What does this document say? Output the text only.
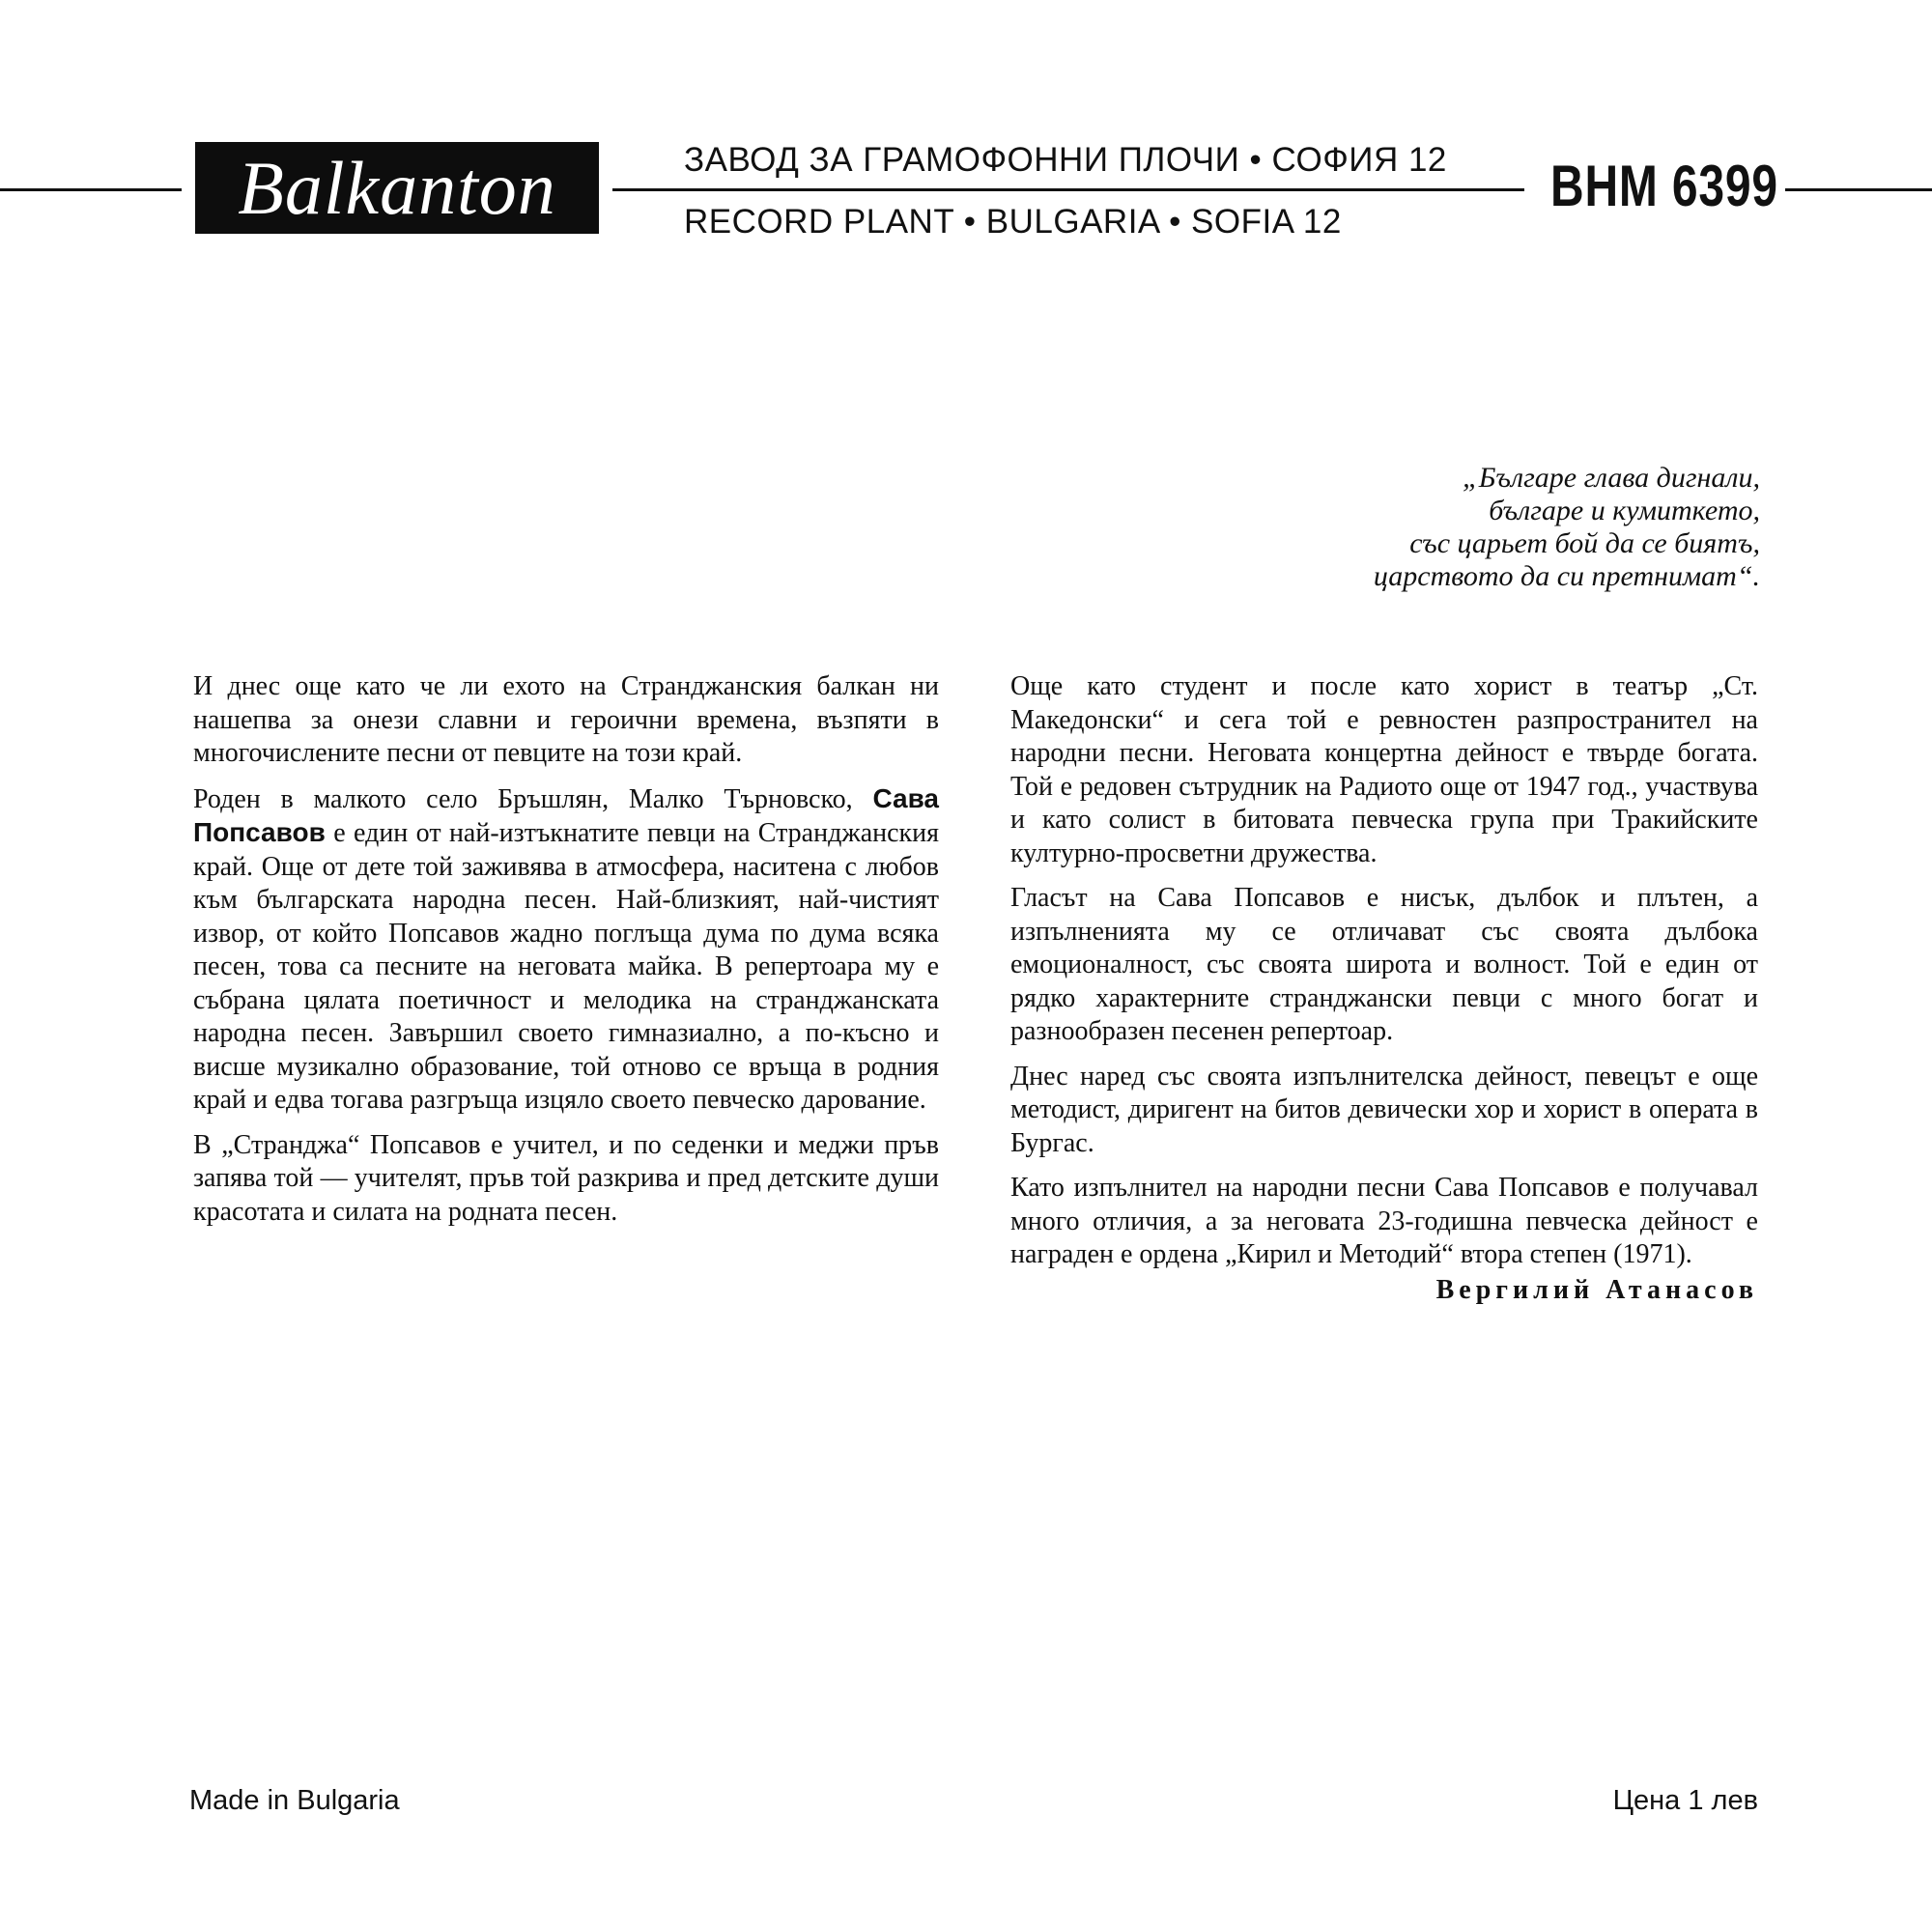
Balkanton	ЗАВОД ЗА ГРАМОФОННИ ПЛОЧИ • СОФИЯ 12
RECORD PLANT • BULGARIA • SOFIA 12
ВНМ 6399
„Българе глава дигнали,
българе и кумиткето,
със царьет бой да се биятъ,
царството да си претнимат“.

И днес още като че ли ехото на Странджанския балкан ни нашепва за онези славни и героични времена, възпяти в многочислените песни от певците на този край.

Роден в малкото село Бръшлян, Малко Търновско, Сава Попсавов е един от най-изтъкнатите певци на Странджанския край. Още от дете той заживява в атмосфера, наситена с любов към българската народна песен. Най-близкият, най-чистият извор, от който Попсавов жадно поглъща дума по дума всяка песен, това са песните на неговата майка. В репертоара му е събрана цялата поетичност и мелодика на странджанската народна песен. Завършил своето гимназиално, а по-късно и висше музикално образование, той отново се връща в родния край и едва тогава разгръща изцяло своето певческо дарование.

В „Странджа“ Попсавов е учител, и по седенки и меджи пръв запява той — учителят, пръв той разкрива и пред детските души красотата и силата на родната песен.

Още като студент и после като хорист в театър „Ст. Македонски“ и сега той е ревностен разпространител на народни песни. Неговата концертна дейност е твърде богата. Той е редовен сътрудник на Радиото още от 1947 год., участвува и като солист в битовата певческа група при Тракийските културно-просветни дружества.

Гласът на Сава Попсавов е нисък, дълбок и плътен, а изпълненията му се отличават със своята дълбока емоционалност, със своята широта и волност. Той е един от рядко характерните странджански певци с много богат и разнообразен песенен репертоар.

Днес наред със своята изпълнителска дейност, певецът е още методист, диригент на битов девически хор и хорист в операта в Бургас.

Като изпълнител на народни песни Сава Попсавов е получавал много отличия, а за неговата 23-годишна певческа дейност е награден е ордена „Кирил и Методий“ втора степен (1971).

Вергилий Атанасов
Made in Bulgaria	Цена 1 лев
